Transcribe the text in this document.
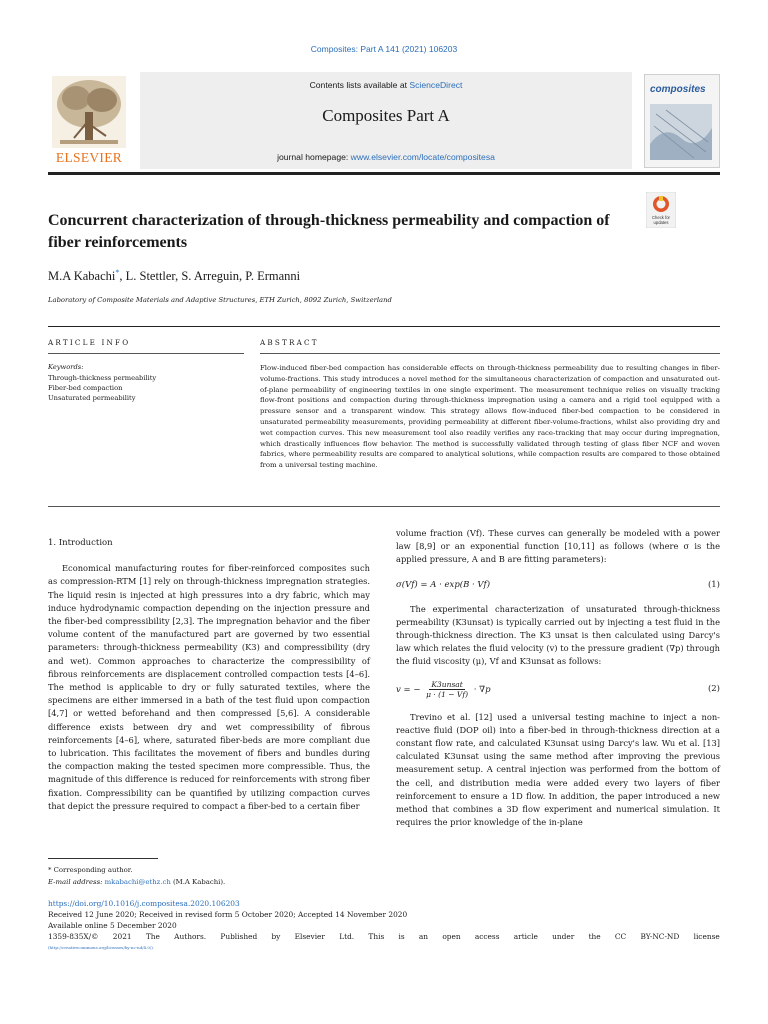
Composites: Part A 141 (2021) 106203
ELSEVIER
Contents lists available at ScienceDirect
Composites Part A
journal homepage: www.elsevier.com/locate/compositesa
composites
Check for
updates
Concurrent characterization of through-thickness permeability and compaction of fiber reinforcements
M.A Kabachi*, L. Stettler, S. Arreguin, P. Ermanni
Laboratory of Composite Materials and Adaptive Structures, ETH Zurich, 8092 Zurich, Switzerland
ARTICLE INFO
Keywords:
Through-thickness permeability
Fiber-bed compaction
Unsaturated permeability
ABSTRACT
Flow-induced fiber-bed compaction has considerable effects on through-thickness permeability due to resulting changes in fiber-volume-fractions. This study introduces a novel method for the simultaneous characterization of compaction and unsaturated out-of-plane permeability of engineering textiles in one single experiment. The measurement technique relies on visually tracking flow-front positions and compaction during through-thickness impregnation using a camera and a rigid tool equipped with a pressure sensor and a transparent window. This strategy allows flow-induced fiber-bed compaction to be considered in unsaturated permeability measurements, providing permeability at different fiber-volume-fractions, whilst also providing dry and wet compaction curves. This new measurement tool also readily verifies any race-tracking that may occur during impregnation, which drastically influences flow behavior. The method is successfully validated through testing of glass fiber NCF and woven fabrics, where permeability results are compared to analytical solutions, while compaction results are compared to those obtained from a universal testing machine.

1. Introduction

Economical manufacturing routes for fiber-reinforced composites such as compression-RTM [1] rely on through-thickness impregnation strategies. The liquid resin is injected at high pressures into a dry fabric, which may induce hydrodynamic compaction depending on the injection pressure and the fiber-bed compressibility [2,3]. The impregnation behavior and the fiber volume content of the manufactured part are governed by two essential parameters: through-thickness permeability (K3) and compressibility (dry and wet). Common approaches to characterize the compressibility of fibrous reinforcements are displacement controlled compaction tests [4–6]. The method is applicable to dry or fully saturated textiles, where the specimens are either immersed in a bath of the test fluid upon compaction [4,7] or wetted beforehand and then compressed [5,6]. A considerable difference exists between dry and wet compressibility of fibrous reinforcements [4–6], where, saturated fiber-beds are more compliant due to lubrication. This facilitates the movement of fibers and bundles during the compaction making the tested specimen more compressible. Thus, the magnitude of this difference is reduced for reinforcements with strong fiber fixation. Compressibility can be quantified by utilizing compaction curves that depict the pressure required to compact a fiber-bed to a certain fiber

volume fraction (Vf). These curves can generally be modeled with a power law [8,9] or an exponential function [10,11] as follows (where σ is the applied pressure, A and B are fitting parameters):

σ(Vf) = A · exp(B · Vf)	(1)

The experimental characterization of unsaturated through-thickness permeability (K3unsat) is typically carried out by injecting a test fluid in the through-thickness direction. The K3 unsat is then calculated using Darcy's law which relates the fluid velocity (v) to the pressure gradient (∇p) through the fluid viscosity (μ), Vf and K3unsat as follows:

v = − $\frac{\text{K3unsat}}{\mu \cdot (1 - Vf)} \cdot \nabla p$	(2)

Trevino et al. [12] used a universal testing machine to inject a non-reactive fluid (DOP oil) into a fiber-bed in through-thickness direction at a constant flow rate, and calculated K3unsat using Darcy's law. Wu et al. [13] calculated K3unsat using the same method after improving the previous measurement setup. A central injection was performed from the bottom of the cell, and distribution media were added every two layers of fiber reinforcement to ensure a 1D flow. In addition, the paper introduced a new method that combines a 3D flow experiment and numerical simulation. It requires the prior knowledge of the in-plane

* Corresponding author.
E-mail address: mkabachi@ethz.ch (M.A Kabachi).
https://doi.org/10.1016/j.compositesa.2020.106203
Received 12 June 2020; Received in revised form 5 October 2020; Accepted 14 November 2020
Available online 5 December 2020
1359-835X/© 2021 The Authors. Published by Elsevier Ltd. This is an open access article under the CC BY-NC-ND license
(http://creativecommons.org/licenses/by-nc-nd/4.0/).
